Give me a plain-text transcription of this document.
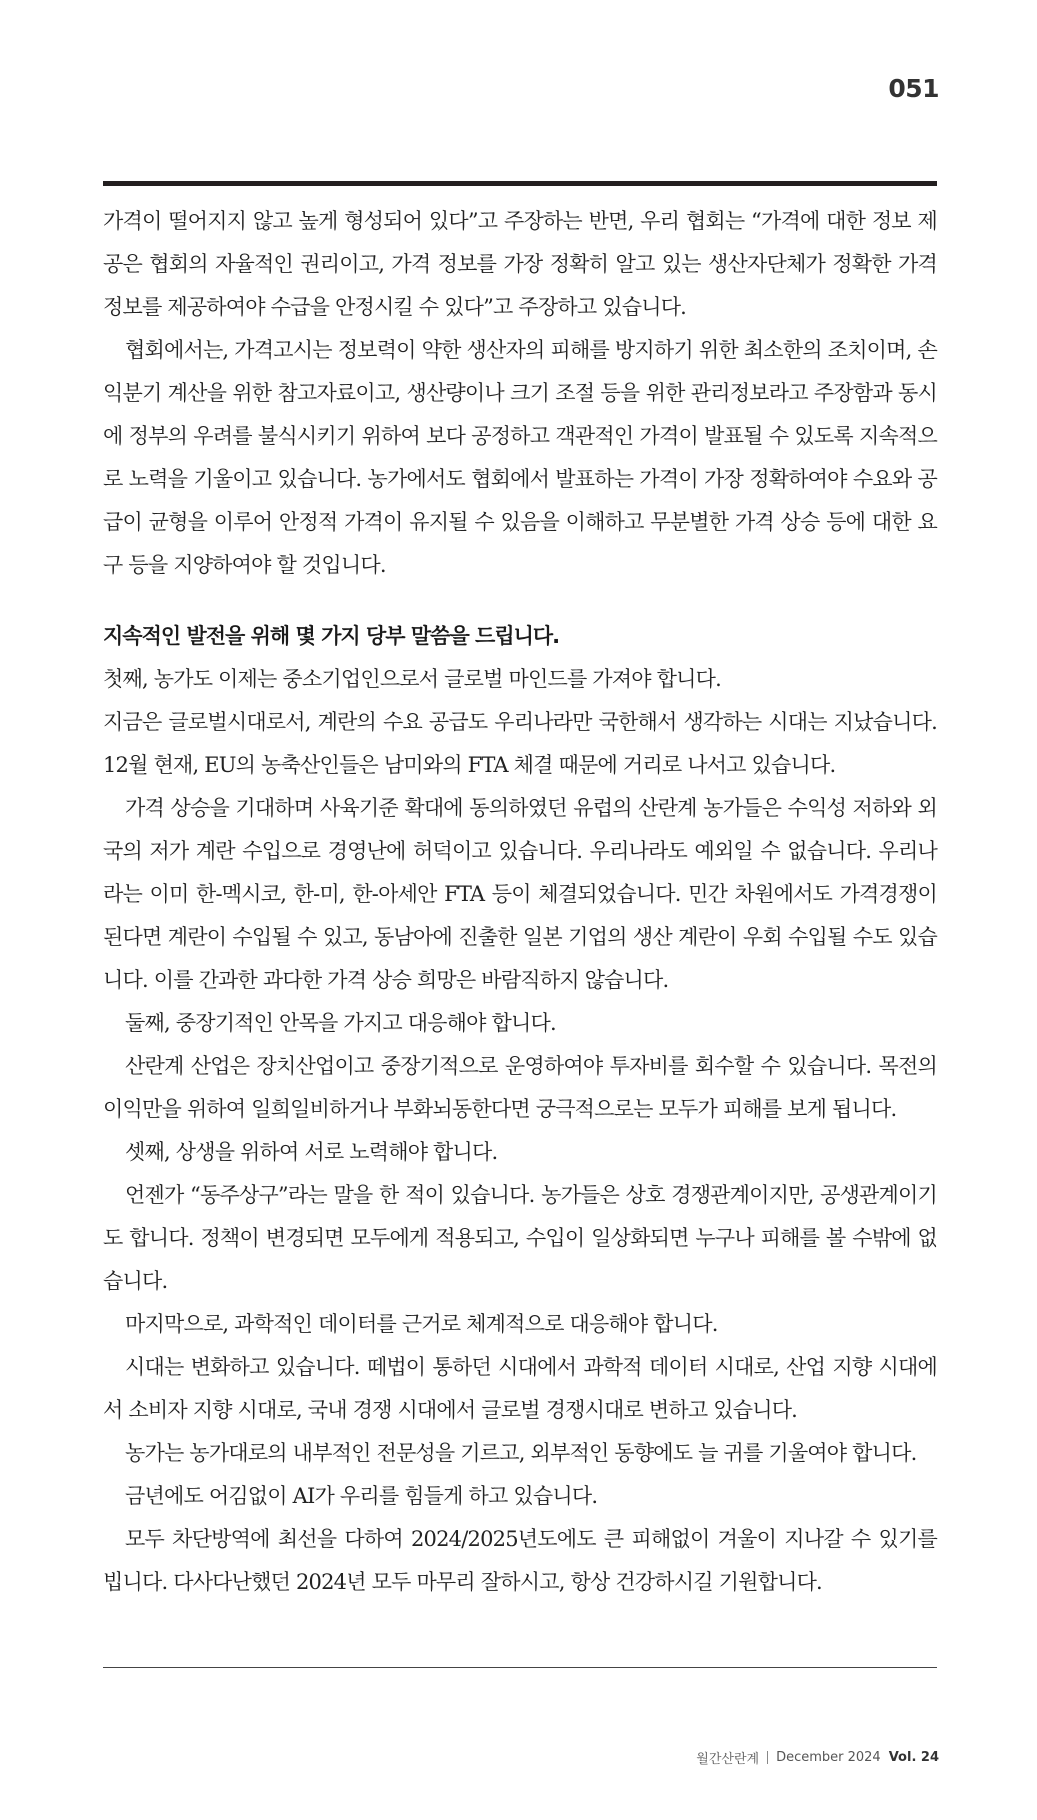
051

가격이 떨어지지 않고 높게 형성되어 있다”고 주장하는 반면, 우리 협회는 “가격에 대한 정보 제공은 협회의 자율적인 권리이고, 가격 정보를 가장 정확히 알고 있는 생산자단체가 정확한 가격 정보를 제공하여야 수급을 안정시킬 수 있다”고 주장하고 있습니다.

협회에서는, 가격고시는 정보력이 약한 생산자의 피해를 방지하기 위한 최소한의 조치이며, 손익분기 계산을 위한 참고자료이고, 생산량이나 크기 조절 등을 위한 관리정보라고 주장함과 동시에 정부의 우려를 불식시키기 위하여 보다 공정하고 객관적인 가격이 발표될 수 있도록 지속적으로 노력을 기울이고 있습니다. 농가에서도 협회에서 발표하는 가격이 가장 정확하여야 수요와 공급이 균형을 이루어 안정적 가격이 유지될 수 있음을 이해하고 무분별한 가격 상승 등에 대한 요구 등을 지양하여야 할 것입니다.

지속적인 발전을 위해 몇 가지 당부 말씀을 드립니다.

첫째, 농가도 이제는 중소기업인으로서 글로벌 마인드를 가져야 합니다.

지금은 글로벌시대로서, 계란의 수요 공급도 우리나라만 국한해서 생각하는 시대는 지났습니다. 12월 현재, EU의 농축산인들은 남미와의 FTA 체결 때문에 거리로 나서고 있습니다.

가격 상승을 기대하며 사육기준 확대에 동의하였던 유럽의 산란계 농가들은 수익성 저하와 외국의 저가 계란 수입으로 경영난에 허덕이고 있습니다. 우리나라도 예외일 수 없습니다. 우리나라는 이미 한-멕시코, 한-미, 한-아세안 FTA 등이 체결되었습니다. 민간 차원에서도 가격경쟁이 된다면 계란이 수입될 수 있고, 동남아에 진출한 일본 기업의 생산 계란이 우회 수입될 수도 있습니다. 이를 간과한 과다한 가격 상승 희망은 바람직하지 않습니다.

둘째, 중장기적인 안목을 가지고 대응해야 합니다.

산란계 산업은 장치산업이고 중장기적으로 운영하여야 투자비를 회수할 수 있습니다. 목전의 이익만을 위하여 일희일비하거나 부화뇌동한다면 궁극적으로는 모두가 피해를 보게 됩니다.

셋째, 상생을 위하여 서로 노력해야 합니다.

언젠가 “동주상구”라는 말을 한 적이 있습니다. 농가들은 상호 경쟁관계이지만, 공생관계이기도 합니다. 정책이 변경되면 모두에게 적용되고, 수입이 일상화되면 누구나 피해를 볼 수밖에 없습니다.

마지막으로, 과학적인 데이터를 근거로 체계적으로 대응해야 합니다.

시대는 변화하고 있습니다. 떼법이 통하던 시대에서 과학적 데이터 시대로, 산업 지향 시대에서 소비자 지향 시대로, 국내 경쟁 시대에서 글로벌 경쟁시대로 변하고 있습니다.

농가는 농가대로의 내부적인 전문성을 기르고, 외부적인 동향에도 늘 귀를 기울여야 합니다.

금년에도 어김없이 AI가 우리를 힘들게 하고 있습니다.

모두 차단방역에 최선을 다하여 2024/2025년도에도 큰 피해없이 겨울이 지나갈 수 있기를 빕니다. 다사다난했던 2024년 모두 마무리 잘하시고, 항상 건강하시길 기원합니다.

월간산란계 December 2024 Vol. 24
